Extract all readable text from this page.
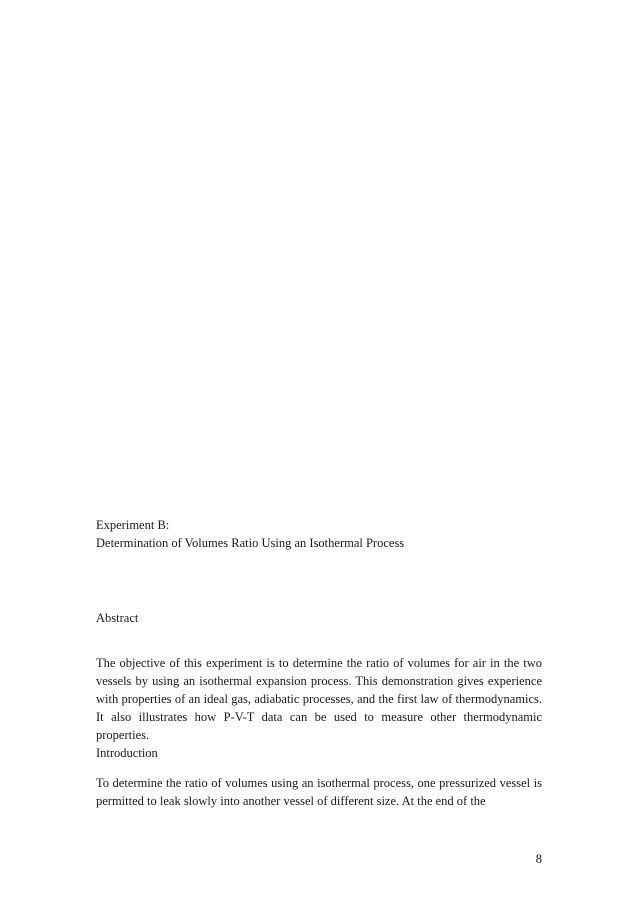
Experiment B:
Determination of Volumes Ratio Using an Isothermal Process
Abstract
The objective of this experiment is to determine the ratio of volumes for air in the two vessels by using an isothermal expansion process. This demonstration gives experience with properties of an ideal gas, adiabatic processes, and the first law of thermodynamics. It also illustrates how P-V-T data can be used to measure other thermodynamic properties.
Introduction
To determine the ratio of volumes using an isothermal process, one pressurized vessel is permitted to leak slowly into another vessel of different size. At the end of the
8
